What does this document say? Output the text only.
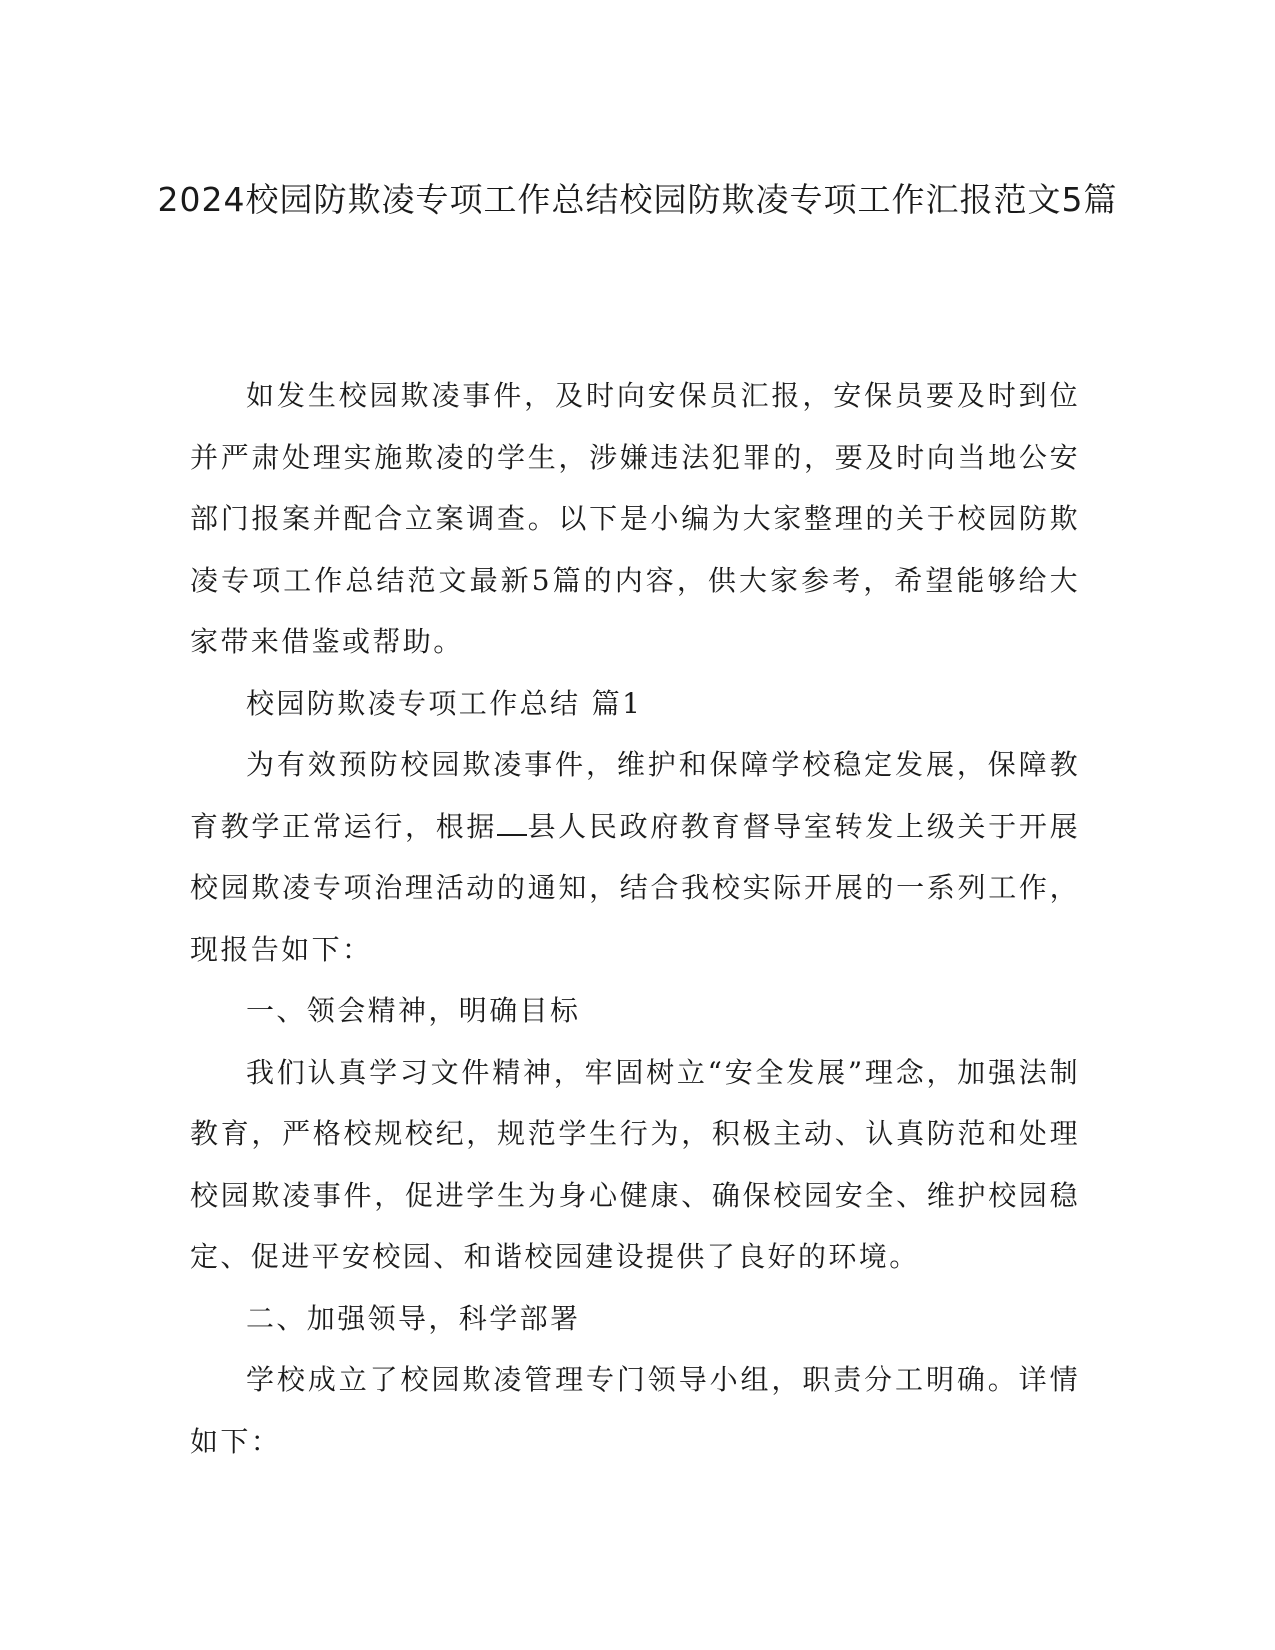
2024校园防欺凌专项工作总结校园防欺凌专项工作汇报范文5篇

如发生校园欺凌事件，及时向安保员汇报，安保员要及时到位并严肃处理实施欺凌的学生，涉嫌违法犯罪的，要及时向当地公安部门报案并配合立案调查。以下是小编为大家整理的关于校园防欺凌专项工作总结范文最新5篇的内容，供大家参考，希望能够给大家带来借鉴或帮助。

校园防欺凌专项工作总结 篇1

为有效预防校园欺凌事件，维护和保障学校稳定发展，保障教育教学正常运行，根据 县人民政府教育督导室转发上级关于开展校园欺凌专项治理活动的通知，结合我校实际开展的一系列工作，现报告如下：

一、领会精神，明确目标

我们认真学习文件精神，牢固树立“安全发展”理念，加强法制教育，严格校规校纪，规范学生行为，积极主动、认真防范和处理校园欺凌事件，促进学生为身心健康、确保校园安全、维护校园稳定、促进平安校园、和谐校园建设提供了良好的环境。

二、加强领导，科学部署

学校成立了校园欺凌管理专门领导小组，职责分工明确。详情如下：
